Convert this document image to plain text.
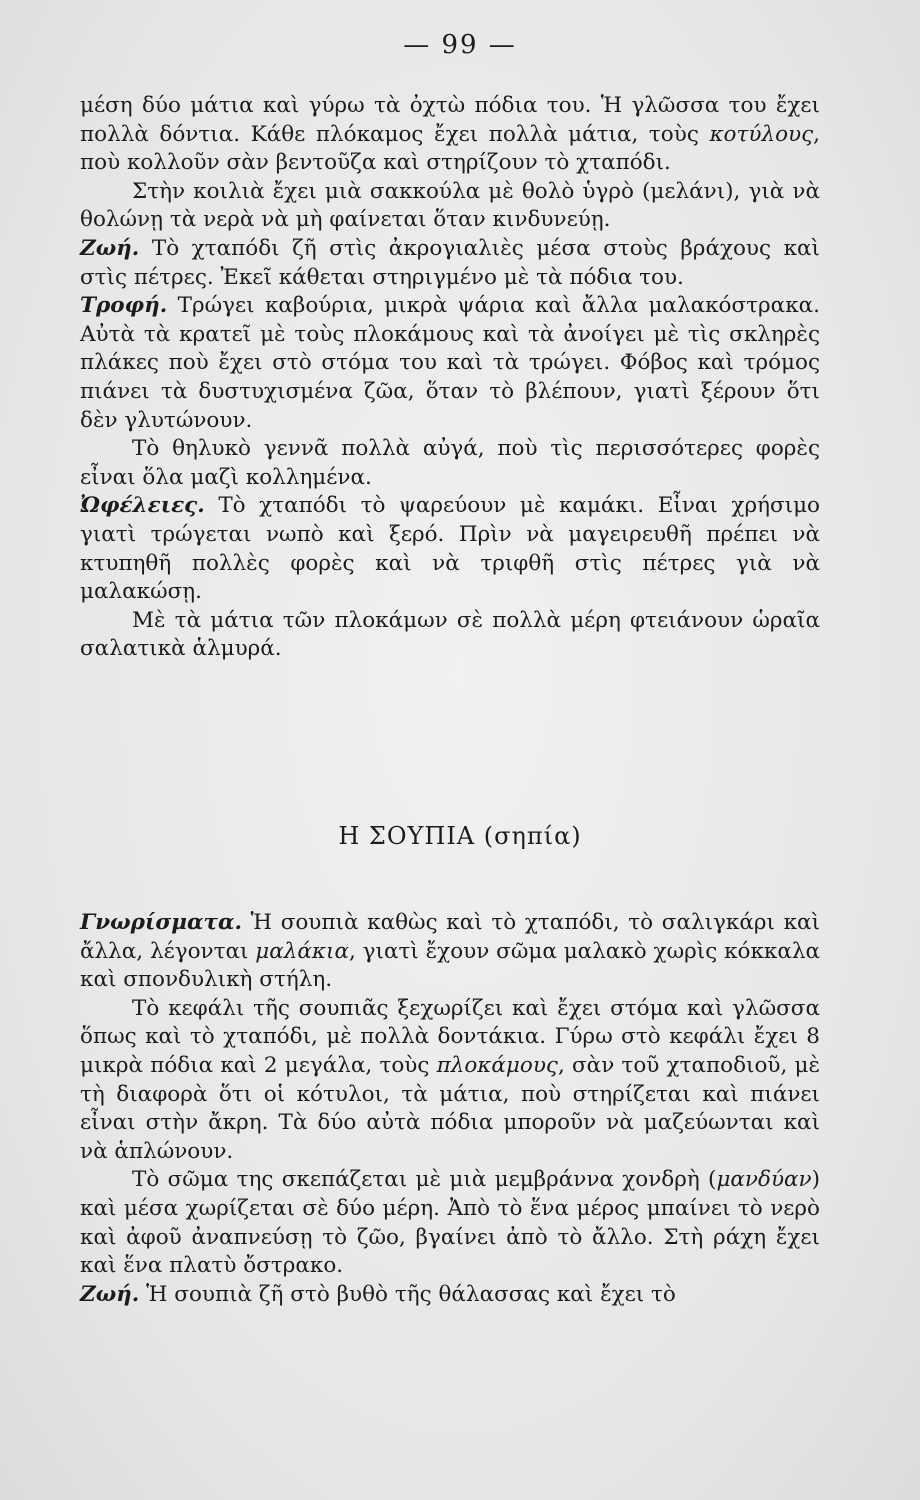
— 99 —

μέση δύο μάτια καὶ γύρω τὰ ὀχτὼ πόδια του. Ἡ γλῶσσα του ἔχει πολλὰ δόντια. Κάθε πλόκαμος ἔχει πολλὰ μάτια, τοὺς κοτύλους, ποὺ κολλοῦν σὰν βεντοῦζα καὶ στηρίζουν τὸ χταπόδι.

Στὴν κοιλιὰ ἔχει μιὰ σακκούλα μὲ θολὸ ὑγρὸ (μελάνι), γιὰ νὰ θολώνῃ τὰ νερὰ νὰ μὴ φαίνεται ὅταν κινδυνεύῃ.

Ζωή. Τὸ χταπόδι ζῆ στὶς ἀκρογιαλιὲς μέσα στοὺς βράχους καὶ στὶς πέτρες. Ἐκεῖ κάθεται στηριγμένο μὲ τὰ πόδια του.

Τροφή. Τρώγει καβούρια, μικρὰ ψάρια καὶ ἄλλα μαλακόστρακα. Αὐτὰ τὰ κρατεῖ μὲ τοὺς πλοκάμους καὶ τὰ ἀνοίγει μὲ τὶς σκληρὲς πλάκες ποὺ ἔχει στὸ στόμα του καὶ τὰ τρώγει. Φόβος καὶ τρόμος πιάνει τὰ δυστυχισμένα ζῶα, ὅταν τὸ βλέπουν, γιατὶ ξέρουν ὅτι δὲν γλυτώνουν.

Τὸ θηλυκὸ γεννᾶ πολλὰ αὐγά, ποὺ τὶς περισσότερες φορὲς εἶναι ὅλα μαζὶ κολλημένα.

Ὠφέλειες. Τὸ χταπόδι τὸ ψαρεύουν μὲ καμάκι. Εἶναι χρήσιμο γιατὶ τρώγεται νωπὸ καὶ ξερό. Πρὶν νὰ μαγειρευθῆ πρέπει νὰ κτυπηθῆ πολλὲς φορὲς καὶ νὰ τριφθῆ στὶς πέτρες γιὰ νὰ μαλακώσῃ.

Μὲ τὰ μάτια τῶν πλοκάμων σὲ πολλὰ μέρη φτειάνουν ὡραῖα σαλατικὰ ἁλμυρά.

Η ΣΟΥΠΙΑ (σηπία)

Γνωρίσματα. Ἡ σουπιὰ καθὼς καὶ τὸ χταπόδι, τὸ σαλιγκάρι καὶ ἄλλα, λέγονται μαλάκια, γιατὶ ἔχουν σῶμα μαλακὸ χωρὶς κόκκαλα καὶ σπονδυλικὴ στήλη.

Τὸ κεφάλι τῆς σουπιᾶς ξεχωρίζει καὶ ἔχει στόμα καὶ γλῶσσα ὅπως καὶ τὸ χταπόδι, μὲ πολλὰ δοντάκια. Γύρω στὸ κεφάλι ἔχει 8 μικρὰ πόδια καὶ 2 μεγάλα, τοὺς πλοκάμους, σὰν τοῦ χταποδιοῦ, μὲ τὴ διαφορὰ ὅτι οἱ κότυλοι, τὰ μάτια, ποὺ στηρίζεται καὶ πιάνει εἶναι στὴν ἄκρη. Τὰ δύο αὐτὰ πόδια μποροῦν νὰ μαζεύωνται καὶ νὰ ἁπλώνουν.

Τὸ σῶμα της σκεπάζεται μὲ μιὰ μεμβράννα χονδρὴ (μανδύαν) καὶ μέσα χωρίζεται σὲ δύο μέρη. Ἀπὸ τὸ ἕνα μέρος μπαίνει τὸ νερὸ καὶ ἀφοῦ ἀναπνεύσῃ τὸ ζῶο, βγαίνει ἀπὸ τὸ ἄλλο. Στὴ ράχη ἔχει καὶ ἕνα πλατὺ ὄστρακο.

Ζωή. Ἡ σουπιὰ ζῆ στὸ βυθὸ τῆς θάλασσας καὶ ἔχει τὸ
